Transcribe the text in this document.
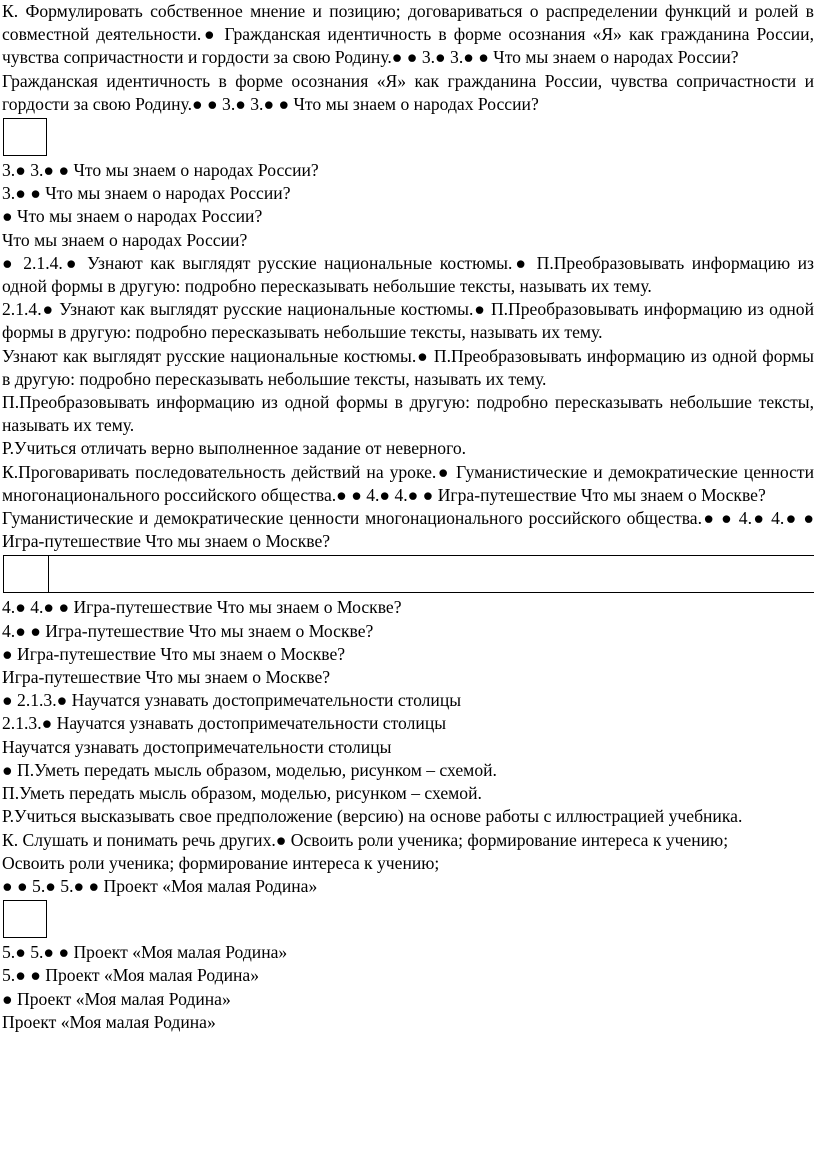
К. Формулировать собственное мнение и позицию; договариваться о распределении функций и ролей в совместной деятельности.● Гражданская идентичность в форме осознания «Я» как гражданина России, чувства сопричастности и гордости за свою Родину.● ● 3.● 3.● ● Что мы знаем о народах России?

Гражданская идентичность в форме осознания «Я» как гражданина России, чувства сопричастности и гордости за свою Родину.● ● 3.● 3.● ● Что мы знаем о народах России?

3.● 3.● ● Что мы знаем о народах России?

3.● ● Что мы знаем о народах России?

● Что мы знаем о народах России?

Что мы знаем о народах России?

● 2.1.4.● Узнают как выглядят русские национальные костюмы.● П.Преобразовывать информацию из одной формы в другую: подробно пересказывать небольшие тексты, называть их тему.

2.1.4.● Узнают как выглядят русские национальные костюмы.● П.Преобразовывать информацию из одной формы в другую: подробно пересказывать небольшие тексты, называть их тему.

Узнают как выглядят русские национальные костюмы.● П.Преобразовывать информацию из одной формы в другую: подробно пересказывать небольшие тексты, называть их тему.

П.Преобразовывать информацию из одной формы в другую: подробно пересказывать небольшие тексты, называть их тему.

Р.Учиться отличать верно выполненное задание от неверного.

К.Проговаривать последовательность действий на уроке.● Гуманистические и демократические ценности многонационального российского общества.● ● 4.● 4.● ● Игра-путешествие Что мы знаем о Москве?

Гуманистические и демократические ценности многонационального российского общества.● ● 4.● 4.● ● Игра-путешествие Что мы знаем о Москве?

4.● 4.● ● Игра-путешествие Что мы знаем о Москве?

4.● ● Игра-путешествие Что мы знаем о Москве?

● Игра-путешествие Что мы знаем о Москве?

Игра-путешествие Что мы знаем о Москве?

● 2.1.3.● Научатся узнавать достопримечательности столицы

2.1.3.● Научатся узнавать достопримечательности столицы

Научатся узнавать достопримечательности столицы

● П.Уметь передать мысль образом, моделью, рисунком – схемой.

П.Уметь передать мысль образом, моделью, рисунком – схемой.

Р.Учиться высказывать свое предположение (версию) на основе работы с иллюстрацией учебника.

К. Слушать и понимать речь других.● Освоить роли ученика; формирование интереса к учению;

Освоить роли ученика; формирование интереса к учению;

● ● 5.● 5.● ● Проект «Моя малая Родина»

5.● 5.● ● Проект «Моя малая Родина»

5.● ● Проект «Моя малая Родина»

● Проект «Моя малая Родина»

Проект «Моя малая Родина»
